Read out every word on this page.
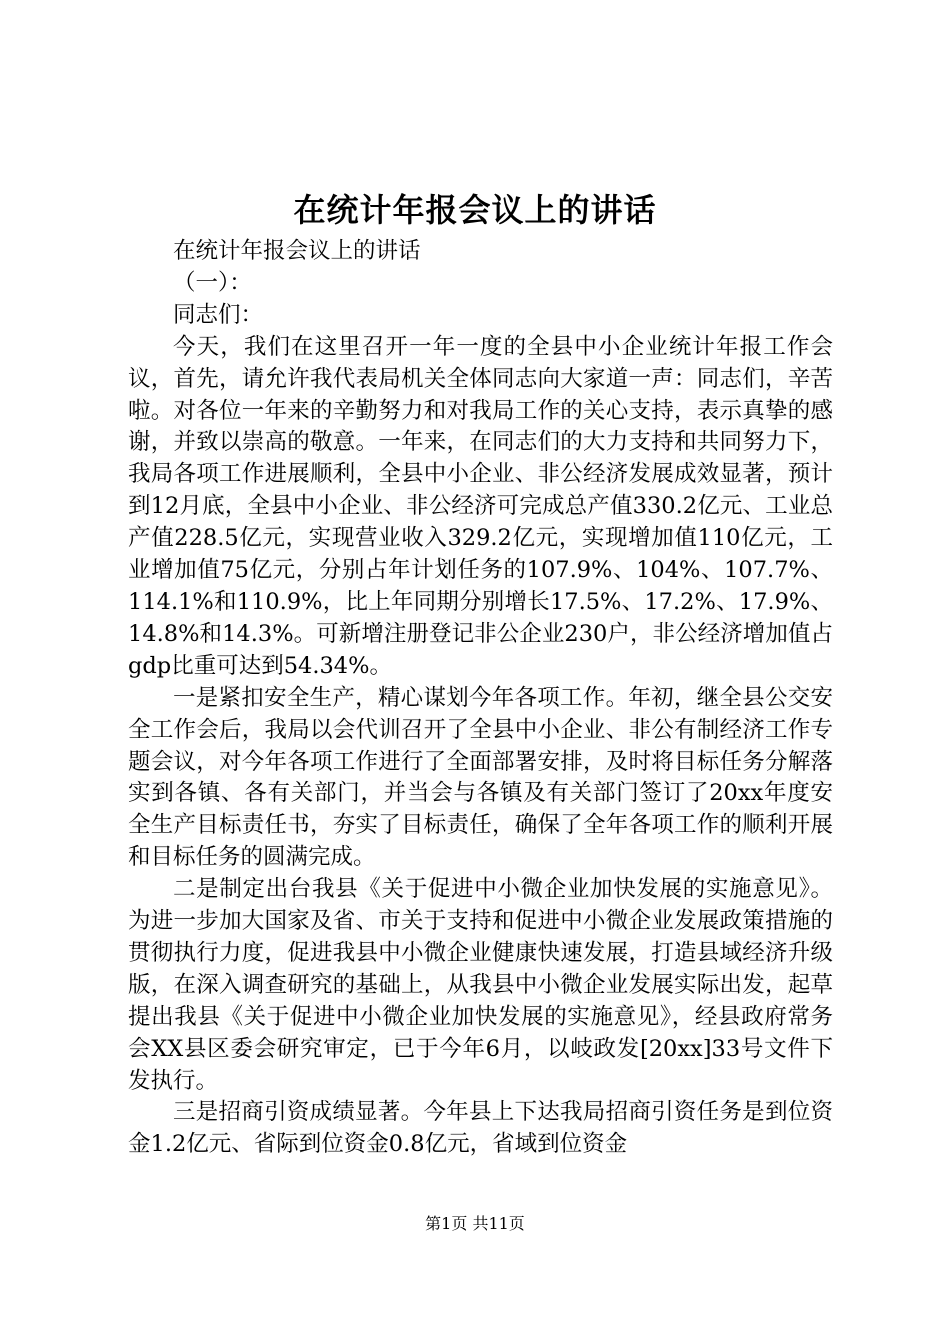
在统计年报会议上的讲话

在统计年报会议上的讲话

（一）：

同志们：

今天，我们在这里召开一年一度的全县中小企业统计年报工作会议，首先，请允许我代表局机关全体同志向大家道一声：同志们，辛苦啦。对各位一年来的辛勤努力和对我局工作的关心支持，表示真挚的感谢，并致以崇高的敬意。一年来，在同志们的大力支持和共同努力下，我局各项工作进展顺利，全县中小企业、非公经济发展成效显著，预计到12月底，全县中小企业、非公经济可完成总产值330.2亿元、工业总产值228.5亿元，实现营业收入329.2亿元，实现增加值110亿元，工业增加值75亿元，分别占年计划任务的107.9%、104%、107.7%、114.1%和110.9%，比上年同期分别增长17.5%、17.2%、17.9%、14.8%和14.3%。可新增注册登记非公企业230户，非公经济增加值占gdp比重可达到54.34%。

一是紧扣安全生产，精心谋划今年各项工作。年初，继全县公交安全工作会后，我局以会代训召开了全县中小企业、非公有制经济工作专题会议，对今年各项工作进行了全面部署安排，及时将目标任务分解落实到各镇、各有关部门，并当会与各镇及有关部门签订了20xx年度安全生产目标责任书，夯实了目标责任，确保了全年各项工作的顺利开展和目标任务的圆满完成。

二是制定出台我县《关于促进中小微企业加快发展的实施意见》。为进一步加大国家及省、市关于支持和促进中小微企业发展政策措施的贯彻执行力度，促进我县中小微企业健康快速发展，打造县域经济升级版，在深入调查研究的基础上，从我县中小微企业发展实际出发，起草提出我县《关于促进中小微企业加快发展的实施意见》，经县政府常务会XX县区委会研究审定，已于今年6月，以岐政发[20xx]33号文件下发执行。

三是招商引资成绩显著。今年县上下达我局招商引资任务是到位资金1.2亿元、省际到位资金0.8亿元，省域到位资金

第1页 共11页
